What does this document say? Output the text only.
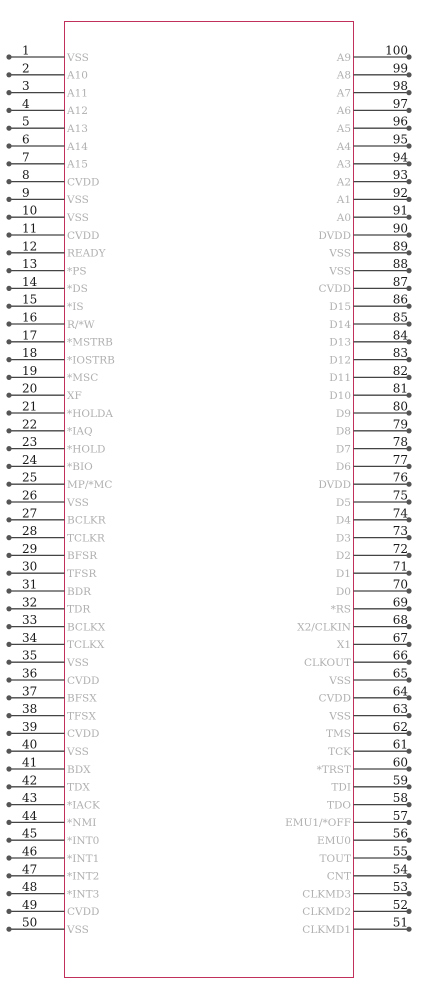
1
VSS
2
A10
3
A11
4
A12
5
A13
6
A14
7
A15
8
CVDD
9
VSS
10
VSS
11
CVDD
12
READY
13
*PS
14
*DS
15
*IS
16
R/*W
17
*MSTRB
18
*IOSTRB
19
*MSC
20
XF
21
*HOLDA
22
*IAQ
23
*HOLD
24
*BIO
25
MP/*MC
26
VSS
27
BCLKR
28
TCLKR
29
BFSR
30
TFSR
31
BDR
32
TDR
33
BCLKX
34
TCLKX
35
VSS
36
CVDD
37
BFSX
38
TFSX
39
CVDD
40
VSS
41
BDX
42
TDX
43
*IACK
44
*NMI
45
*INT0
46
*INT1
47
*INT2
48
*INT3
49
CVDD
50
VSS
100
A9
99
A8
98
A7
97
A6
96
A5
95
A4
94
A3
93
A2
92
A1
91
A0
90
DVDD
89
VSS
88
VSS
87
CVDD
86
D15
85
D14
84
D13
83
D12
82
D11
81
D10
80
D9
79
D8
78
D7
77
D6
76
DVDD
75
D5
74
D4
73
D3
72
D2
71
D1
70
D0
69
*RS
68
X2/CLKIN
67
X1
66
CLKOUT
65
VSS
64
CVDD
63
VSS
62
TMS
61
TCK
60
*TRST
59
TDI
58
TDO
57
EMU1/*OFF
56
EMU0
55
TOUT
54
CNT
53
CLKMD3
52
CLKMD2
51
CLKMD1
